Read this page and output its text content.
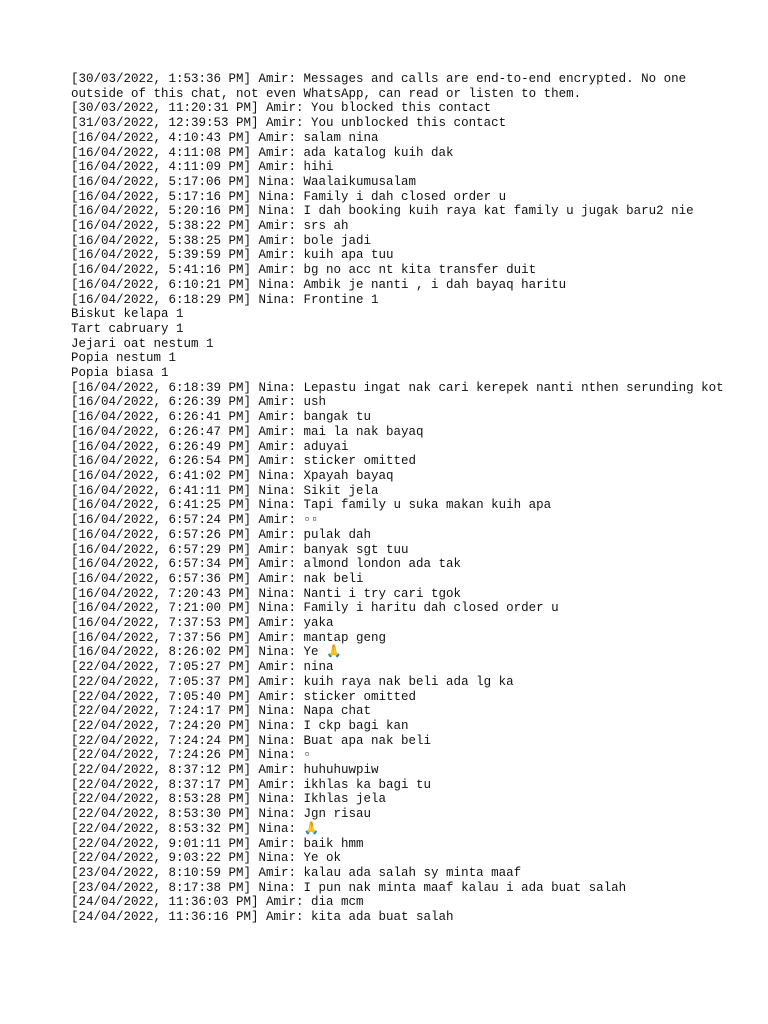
[30/03/2022, 1:53:36 PM] Amir: Messages and calls are end-to-end encrypted. No one outside of this chat, not even WhatsApp, can read or listen to them.
[30/03/2022, 11:20:31 PM] Amir: You blocked this contact
[31/03/2022, 12:39:53 PM] Amir: You unblocked this contact
[16/04/2022, 4:10:43 PM] Amir: salam nina
[16/04/2022, 4:11:08 PM] Amir: ada katalog kuih dak
[16/04/2022, 4:11:09 PM] Amir: hihi
[16/04/2022, 5:17:06 PM] Nina: Waalaikumusalam
[16/04/2022, 5:17:16 PM] Nina: Family i dah closed order u
[16/04/2022, 5:20:16 PM] Nina: I dah booking kuih raya kat family u jugak baru2 nie
[16/04/2022, 5:38:22 PM] Amir: srs ah
[16/04/2022, 5:38:25 PM] Amir: bole jadi
[16/04/2022, 5:39:59 PM] Amir: kuih apa tuu
[16/04/2022, 5:41:16 PM] Amir: bg no acc nt kita transfer duit
[16/04/2022, 6:10:21 PM] Nina: Ambik je nanti , i dah bayaq haritu
[16/04/2022, 6:18:29 PM] Nina: Frontine 1
Biskut kelapa 1
Tart cabruary 1
Jejari oat nestum 1
Popia nestum 1
Popia biasa 1
[16/04/2022, 6:18:39 PM] Nina: Lepastu ingat nak cari kerepek nanti nthen serunding kot
[16/04/2022, 6:26:39 PM] Amir: ush
[16/04/2022, 6:26:41 PM] Amir: bangak tu
[16/04/2022, 6:26:47 PM] Amir: mai la nak bayaq
[16/04/2022, 6:26:49 PM] Amir: aduyai
[16/04/2022, 6:26:54 PM] Amir: sticker omitted
[16/04/2022, 6:41:02 PM] Nina: Xpayah bayaq
[16/04/2022, 6:41:11 PM] Nina: Sikit jela
[16/04/2022, 6:41:25 PM] Nina: Tapi family u suka makan kuih apa
[16/04/2022, 6:57:24 PM] Amir: ▫▫
[16/04/2022, 6:57:26 PM] Amir: pulak dah
[16/04/2022, 6:57:29 PM] Amir: banyak sgt tuu
[16/04/2022, 6:57:34 PM] Amir: almond london ada tak
[16/04/2022, 6:57:36 PM] Amir: nak beli
[16/04/2022, 7:20:43 PM] Nina: Nanti i try cari tgok
[16/04/2022, 7:21:00 PM] Nina: Family i haritu dah closed order u
[16/04/2022, 7:37:53 PM] Amir: yaka
[16/04/2022, 7:37:56 PM] Amir: mantap geng
[16/04/2022, 8:26:02 PM] Nina: Ye 🙏
[22/04/2022, 7:05:27 PM] Amir: nina
[22/04/2022, 7:05:37 PM] Amir: kuih raya nak beli ada lg ka
[22/04/2022, 7:05:40 PM] Amir: sticker omitted
[22/04/2022, 7:24:17 PM] Nina: Napa chat
[22/04/2022, 7:24:20 PM] Nina: I ckp bagi kan
[22/04/2022, 7:24:24 PM] Nina: Buat apa nak beli
[22/04/2022, 7:24:26 PM] Nina: ▫
[22/04/2022, 8:37:12 PM] Amir: huhuhuwpiw
[22/04/2022, 8:37:17 PM] Amir: ikhlas ka bagi tu
[22/04/2022, 8:53:28 PM] Nina: Ikhlas jela
[22/04/2022, 8:53:30 PM] Nina: Jgn risau
[22/04/2022, 8:53:32 PM] Nina: 🙏
[22/04/2022, 9:01:11 PM] Amir: baik hmm
[22/04/2022, 9:03:22 PM] Nina: Ye ok
[23/04/2022, 8:10:59 PM] Amir: kalau ada salah sy minta maaf
[23/04/2022, 8:17:38 PM] Nina: I pun nak minta maaf kalau i ada buat salah
[24/04/2022, 11:36:03 PM] Amir: dia mcm
[24/04/2022, 11:36:16 PM] Amir: kita ada buat salah
